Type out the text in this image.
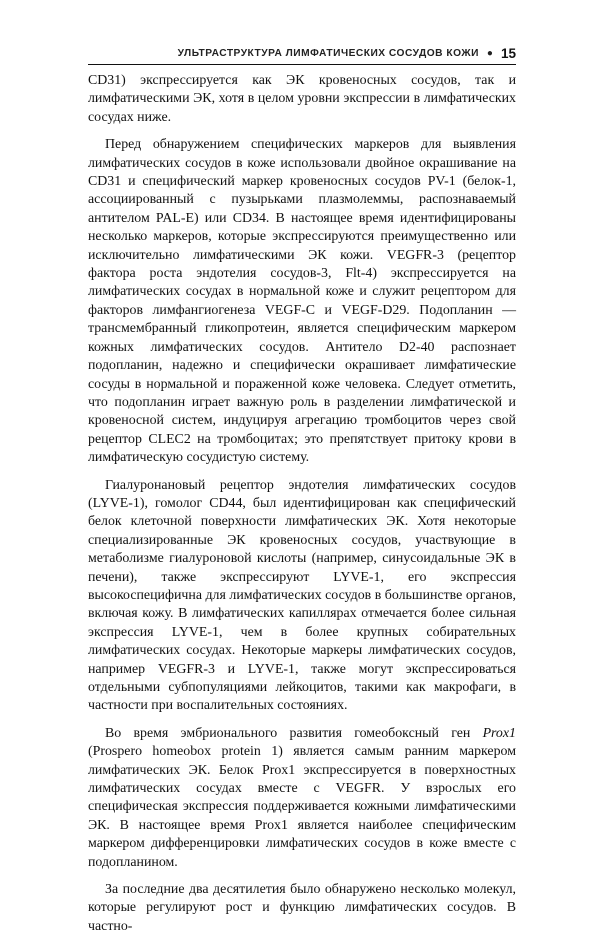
УЛЬТРАСТРУКТУРА ЛИМФАТИЧЕСКИХ СОСУДОВ КОЖИ ● 15

CD31) экспрессируется как ЭК кровеносных сосудов, так и лимфатическими ЭК, хотя в целом уровни экспрессии в лимфатических сосудах ниже.

Перед обнаружением специфических маркеров для выявления лимфатических сосудов в коже использовали двойное окрашивание на CD31 и специфический маркер кровеносных сосудов PV-1 (белок-1, ассоциированный с пузырьками плазмолеммы, распознаваемый антителом PAL-E) или CD34. В настоящее время идентифицированы несколько маркеров, которые экспрессируются преимущественно или исключительно лимфатическими ЭК кожи. VEGFR-3 (рецептор фактора роста эндотелия сосудов-3, Flt-4) экспрессируется на лимфатических сосудах в нормальной коже и служит рецептором для факторов лимфангиогенеза VEGF-C и VEGF-D29. Подопланин — трансмембранный гликопротеин, является специфическим маркером кожных лимфатических сосудов. Антитело D2-40 распознает подопланин, надежно и специфически окрашивает лимфатические сосуды в нормальной и пораженной коже человека. Следует отметить, что подопланин играет важную роль в разделении лимфатической и кровеносной систем, индуцируя агрегацию тромбоцитов через свой рецептор CLEC2 на тромбоцитах; это препятствует притоку крови в лимфатическую сосудистую систему.

Гиалуронановый рецептор эндотелия лимфатических сосудов (LYVE-1), гомолог CD44, был идентифицирован как специфический белок клеточной поверхности лимфатических ЭК. Хотя некоторые специализированные ЭК кровеносных сосудов, участвующие в метаболизме гиалуроновой кислоты (например, синусоидальные ЭК в печени), также экспрессируют LYVE-1, его экспрессия высокоспецифична для лимфатических сосудов в большинстве органов, включая кожу. В лимфатических капиллярах отмечается более сильная экспрессия LYVE-1, чем в более крупных собирательных лимфатических сосудах. Некоторые маркеры лимфатических сосудов, например VEGFR-3 и LYVE-1, также могут экспрессироваться отдельными субпопуляциями лейкоцитов, такими как макрофаги, в частности при воспалительных состояниях.

Во время эмбрионального развития гомеобоксный ген Prox1 (Prospero homeobox protein 1) является самым ранним маркером лимфатических ЭК. Белок Prox1 экспрессируется в поверхностных лимфатических сосудах вместе с VEGFR. У взрослых его специфическая экспрессия поддерживается кожными лимфатическими ЭК. В настоящее время Prox1 является наиболее специфическим маркером дифференцировки лимфатических сосудов в коже вместе с подопланином.

За последние два десятилетия было обнаружено несколько молекул, которые регулируют рост и функцию лимфатических сосудов. В частно-
